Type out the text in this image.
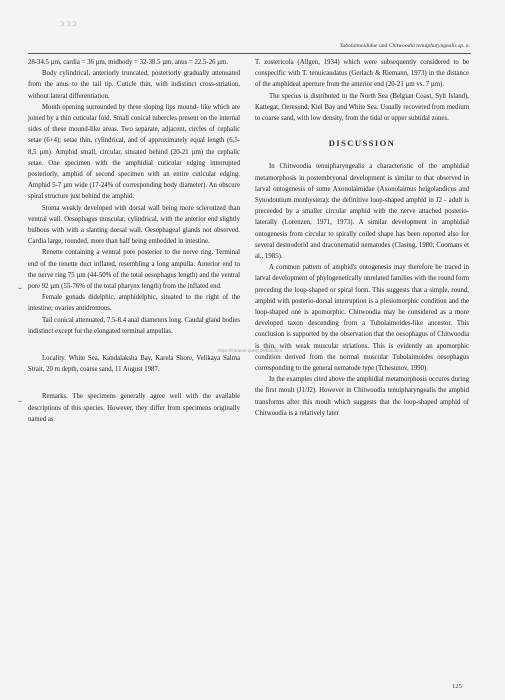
ↄ ↄ ↄ
Tubolaimoididae and Chitwoodia tenuipharyngealis sp. n.

28-34.5 µm, cardia = 36 µm, midbody = 32-38.5 µm, anus = 22.5-26 µm.

Body cylindrical, anteriorly truncated, posteriorly gradually attenuated from the anus to the tail tip. Cuticle thin, with indistinct cross-striation, without lateral differentiation.

Mouth opening surrounded by three sloping lips mound- like which are joined by a thin cuticular fold. Small conical tubercles present on the internal sides of these mound-like areas. Two separate, adjacent, circles of cephalic setae (6+4); setae thin, cylindrical, and of approximately equal length (6,5-8,5 µm). Amphid small, circular, situated behind (20-21 µm) the cephalic setae. One specimen with the amphidial cuticular edging interrupted posteriorly, amphid of second specimen with an entire cuticular edging. Amphid 5-7 µm wide (17-24% of corresponding body diameter). An obscure spiral structure just behind the amphid.

Stoma weakly developed with dorsal wall being more sclerotized than ventral wall. Oesophagus muscular, cylindrical, with the anterior end slightly bulbous with with a slanting dorsal wall. Oesophageal glands not observed. Cardia large, rounded, more than half being embedded in intestine.

Renette containing a ventral pore posterior to the nerve ring. Terminal end of the renette duct inflated, resembling a long ampulla. Anterior end to the nerve ring 75 µm (44-50% of the total oesophagus length) and the ventral pore 92 µm (55-76% of the total pharynx length) from the inflated end.

Female gonads didelphic, amphidelphic, situated to the right of the intestine; ovaries antidromous.

Tail conical attenuated, 7.5-8.4 anal diameters long. Caudal gland bodies indistinct except for the elongated terminal ampullas.

Locality. White Sea, Kandalaksha Bay, Karela Shore, Velikaya Salma Strait, 20 m depth, coarse sand, 11 August 1987.

Remarks. The specimens generally agree well with the available descriptions of this species. However, they differ from specimens originally named as

T. zostericola (Allgen, 1934) which were subsequently considered to be conspecific with T. tenuicaudatus (Gerlach & Riemann, 1973) in the distance of the amphideal aperture from the anterior end (20-21 µm vs. 7 µm).

The species is distributed in the North Sea (Belgian Coast, Sylt Island), Kattegat, Oeresund, Kiel Bay and White Sea. Usually recovered from medium to coarse sand, with low density, from the tidal or upper subtidal zones.

DISCUSSION

In Chitwoodia tenuipharyngealis a characteristic of the amphidial metamorphosis in postembryonal development is similar to that observed in larval ontogenesis of some Axonolaimidae (Axonolaimus helgolandicus and Synodontium monhystera): the definitive loop-shaped amphid in J2 - adult is preceeded by a smaller circular amphid with the nerve attached posterio-laterally (Lorenzen, 1971, 1973). A similar development in amphidial ontogenesis from circular to spirally coiled shape has been reported also for several desmodorid and draconematid nematodes (Clasing, 1980; Coomans et al., 1985).

A common pattern of amphid's ontogenesis may therefore be traced in larval development of phylogenetically unrelated families with the round form preceding the loop-shaped or spiral form. This suggests that a simple, round, amphid with posterio-dorsal interruption is a plesiomorphic condition and the loop-shaped one is apomorphic. Chitwoodia may be considered as a more developed taxon descending from a Tubolaimoides-like ancestor. This conclusion is supported by the observation that the oesophagus of Chitwoodia is thin, with weak muscular striations. This is evidently an apomorphic condition derived from the normal muscular Tubolaimoides oesophagus corresponding to the general nematode type (Tchesunov, 1990).

In the examples cited above the amphidial metamorphosis occures during the first moult (J1/J2). However in Chitwoodia tenuipharyngealis the amphid transforms after this moult which suggests that the loop-shaped amphid of Chitwoodia is a relatively later

https://intranet.quest.be/flanders
125
